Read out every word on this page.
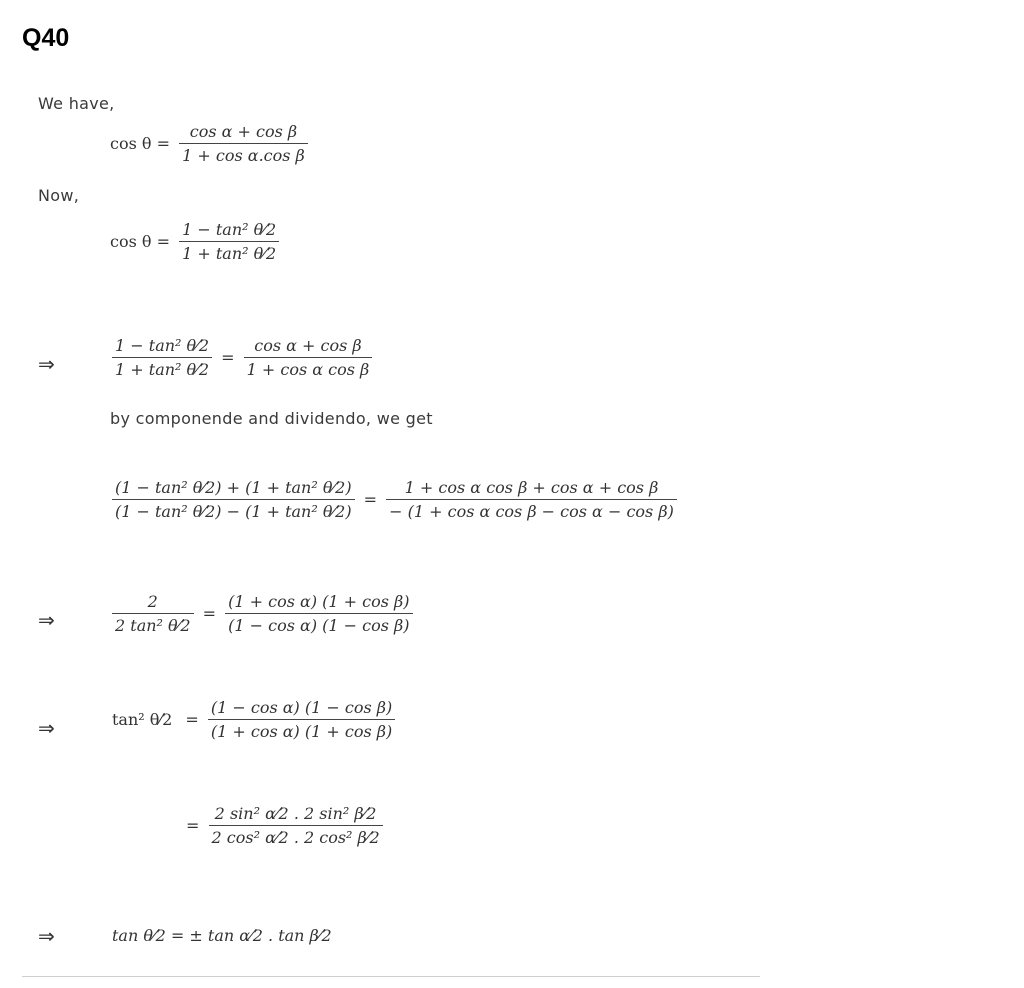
Q40
We have,
$\cos \theta = \frac{\text{cos α + cos β}}{\text{1 + cos α.cos β}}$
Now,
$\cos \theta = \frac{\text{1 − tan² θ⁄2}}{\text{1 + tan² θ⁄2}}$
⇒	$\frac{\text{1 − tan² θ⁄2}}{\text{1 + tan² θ⁄2}} = \frac{\text{cos α + cos β}}{\text{1 + cos α cos β}}$
by componende and dividendo, we get
$\frac{\text{(1 − tan² θ⁄2) + (1 + tan² θ⁄2)}}{\text{(1 − tan² θ⁄2) − (1 + tan² θ⁄2)}} = \frac{\text{1 + cos α cos β + cos α + cos β}}{\text{− (1 + cos α cos β − cos α − cos β)}}$
⇒	$\frac{2}{\text{2 tan² θ⁄2}} = \frac{\text{(1 + cos α) (1 + cos β)}}{\text{(1 − cos α) (1 − cos β)}}$
⇒	tan² θ⁄2 = $\frac{\text{(1 − cos α) (1 − cos β)}}{\text{(1 + cos α) (1 + cos β)}}$
= $\frac{\text{2 sin² α⁄2 . 2 sin² β⁄2}}{\text{2 cos² α⁄2 . 2 cos² β⁄2}}$
⇒	tan θ⁄2 = ± tan α⁄2 . tan β⁄2
